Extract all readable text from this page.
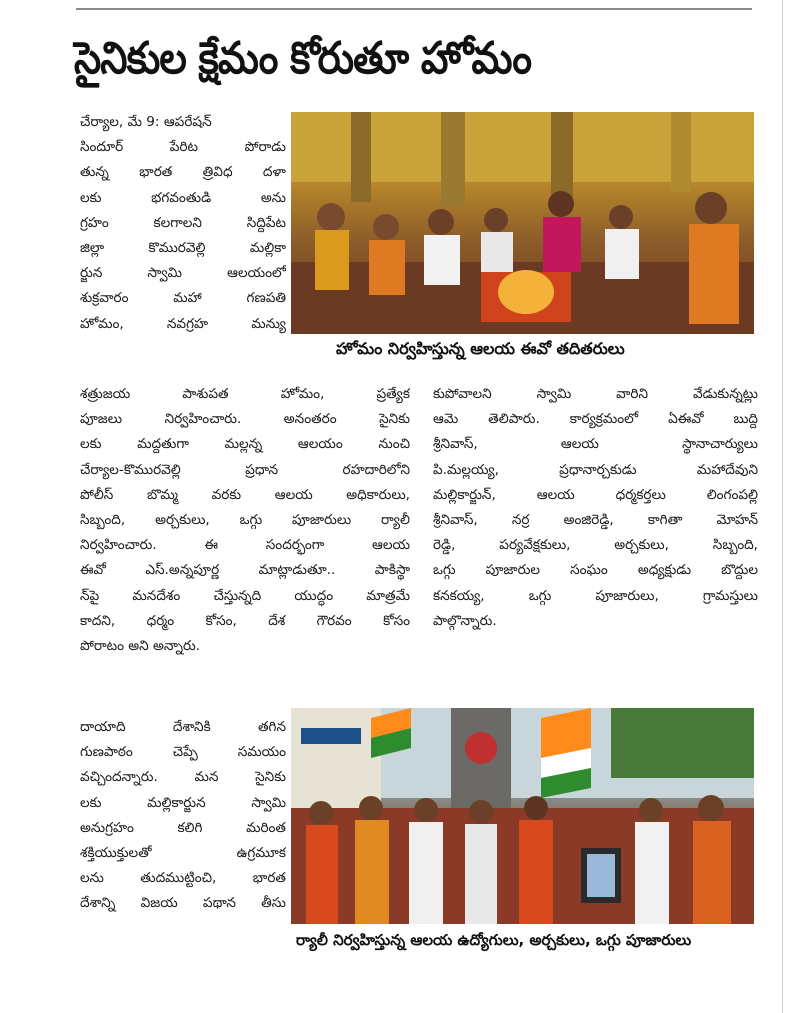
సైనికుల క్షేమం కోరుతూ హోమం
చేర్యాల, మే 9: ఆపరేషన్
సిందూర్ పేరిట పోరాడు
తున్న భారత త్రివిధ దళా
లకు భగవంతుడి అను
గ్రహం కలగాలని సిద్దిపేట
జిల్లా కొమురవెల్లి మల్లికా
ర్జున స్వామి ఆలయంలో
శుక్రవారం మహా గణపతి
హోమం, నవగ్రహ మన్యు
హోమం నిర్వహిస్తున్న ఆలయ ఈవో తదితరులు
శత్రుజయ పాశుపత హోమం, ప్రత్యేక
పూజలు నిర్వహించారు. అనంతరం సైనికు
లకు మద్దతుగా మల్లన్న ఆలయం నుంచి
చేర్యాల-కొమురవెల్లి ప్రధాన రహదారిలోని
పోలీస్ బొమ్మ వరకు ఆలయ అధికారులు,
సిబ్బంది, అర్చకులు, ఒగ్గు పూజారులు ర్యాలీ
నిర్వహించారు. ఈ సందర్భంగా ఆలయ
ఈవో ఎస్.అన్నపూర్ణ మాట్లాడుతూ.. పాకిస్థా
న్‌పై మనదేశం చేస్తున్నది యుద్ధం మాత్రమే
కాదని, ధర్మం కోసం, దేశ గౌరవం కోసం
పోరాటం అని అన్నారు.
కుపోవాలని స్వామి వారిని వేడుకున్నట్లు
ఆమె తెలిపారు. కార్యక్రమంలో ఏఈవో బుద్ది
శ్రీనివాస్, ఆలయ స్థానాచార్యులు
పి.మల్లయ్య, ప్రధానార్చకుడు మహాదేవుని
మల్లికార్జున్, ఆలయ ధర్మకర్తలు లింగంపల్లి
శ్రీనివాస్, నర్ర అంజిరెడ్డి, కాగితా మోహన్
రెడ్డి, పర్యవేక్షకులు, అర్చకులు, సిబ్బంది,
ఒగ్గు పూజారుల సంఘం అధ్యక్షుడు బొద్దుల
కనకయ్య, ఒగ్గు పూజారులు, గ్రామస్తులు
పాల్గొన్నారు.
దాయాది దేశానికి తగిన
గుణపాఠం చెప్పే సమయం
వచ్చిందన్నారు. మన సైనికు
లకు మల్లికార్జున స్వామి
అనుగ్రహం కలిగి మరింత
శక్తియుక్తులతో ఉగ్రమూక
లను తుదముట్టించి, భారత
దేశాన్ని విజయ పథాన తీసు
ర్యాలీ నిర్వహిస్తున్న ఆలయ ఉద్యోగులు, అర్చకులు, ఒగ్గు పూజారులు
